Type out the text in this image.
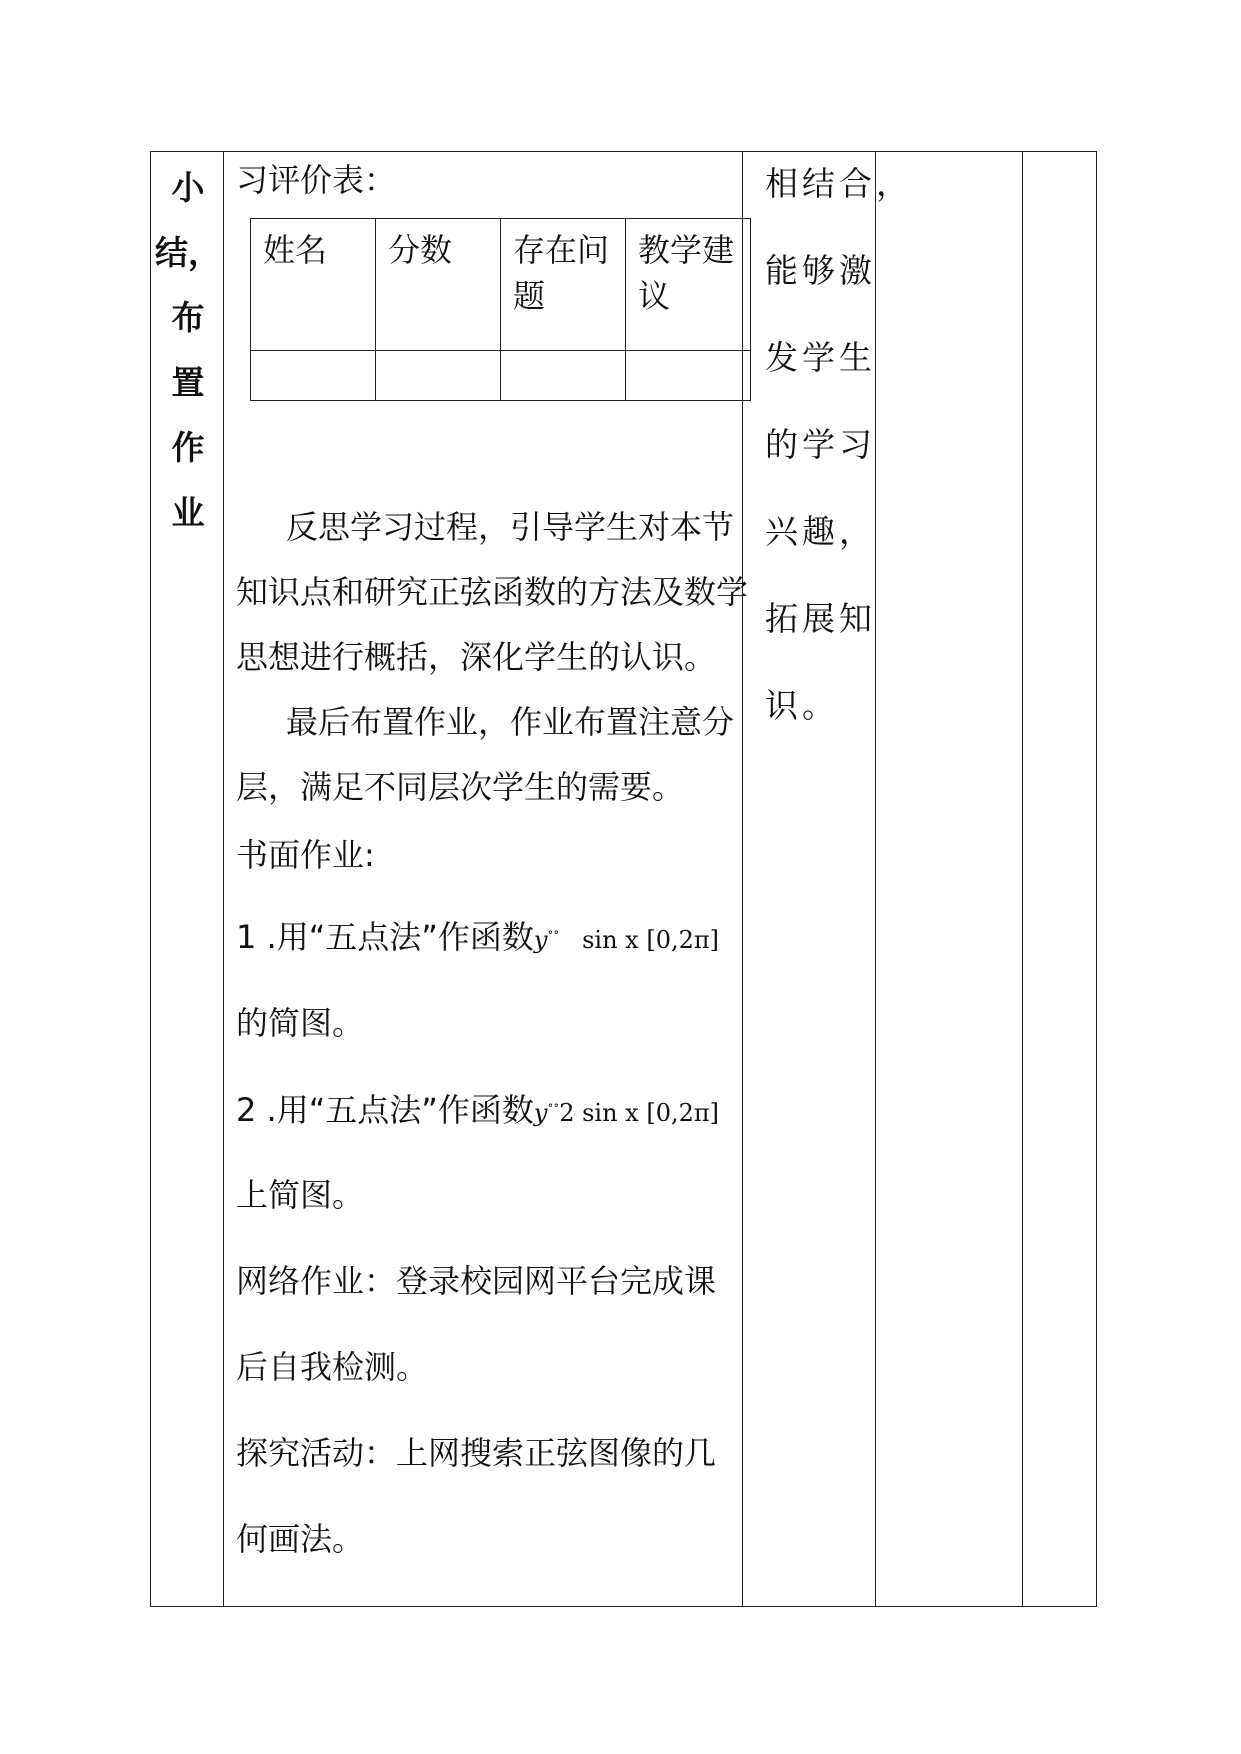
小
结，
布
置
作
业
习评价表：
姓名	分数	存在问题	教学建议

反思学习过程，引导学生对本节知识点和研究正弦函数的方法及数学思想进行概括，深化学生的认识。
最后布置作业，作业布置注意分层，满足不同层次学生的需要。
书面作业:
1 .用“五点法”作函数y∘∘ sin x [0,2π]
的简图。
2 .用“五点法”作函数y∘∘2 sin x [0,2π]
上简图。
网络作业：登录校园网平台完成课
后自我检测。
探究活动：上网搜索正弦图像的几
何画法。
相结合，
能够激
发学生
的学习
兴趣，
拓展知
识。
